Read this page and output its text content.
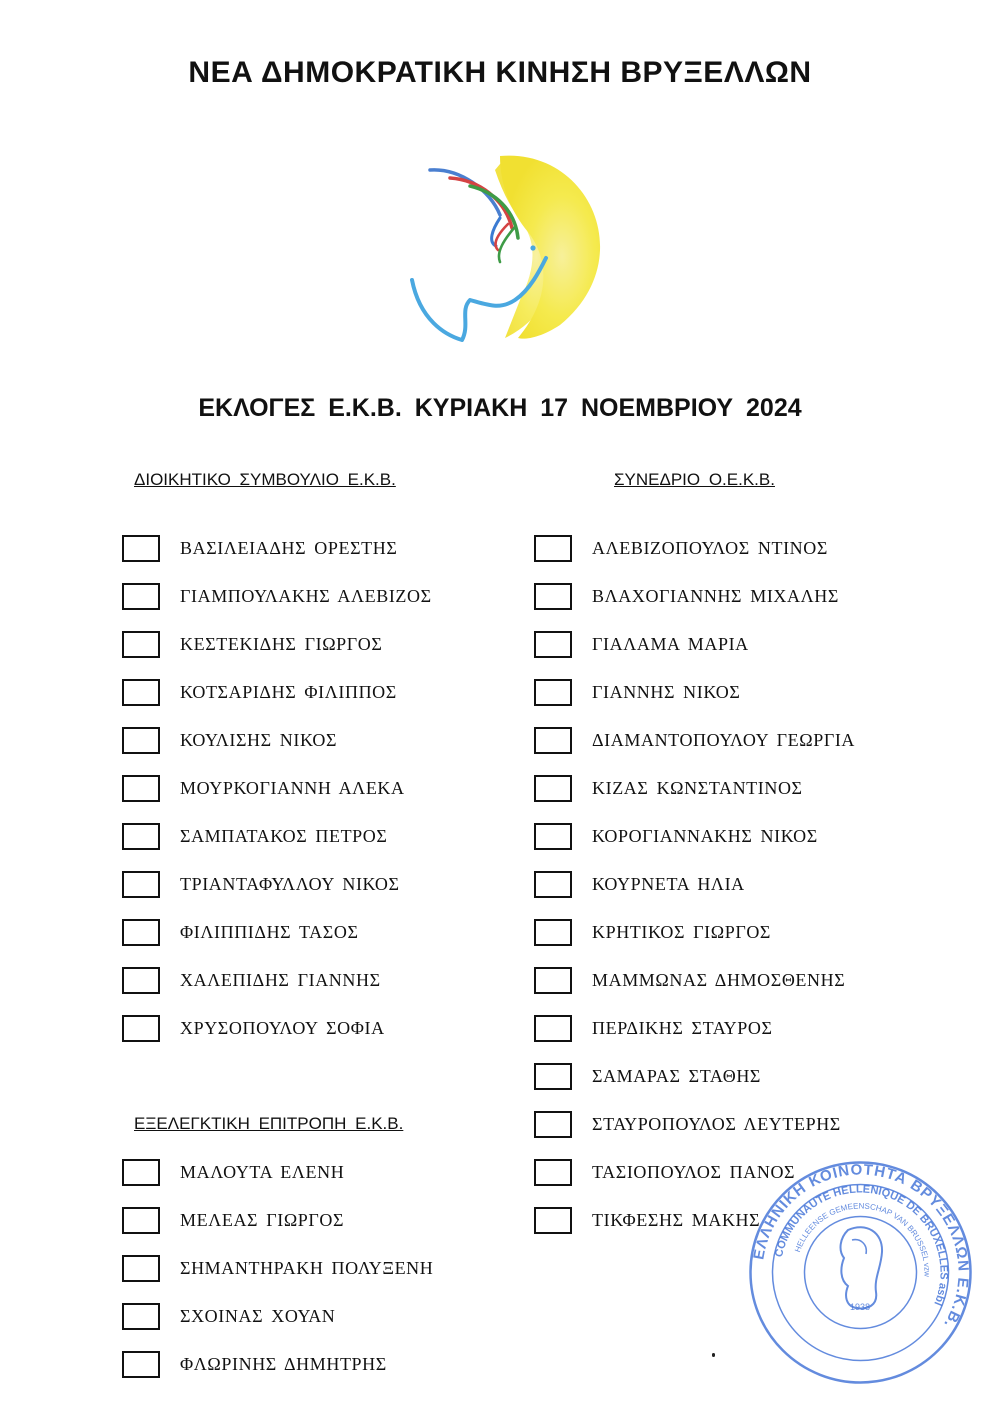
ΝΕΑ ΔΗΜΟΚΡΑΤΙΚΗ ΚΙΝΗΣΗ ΒΡΥΞΕΛΛΩΝ
ΕΚΛΟΓΕΣ Ε.Κ.Β. ΚΥΡΙΑΚΗ 17 ΝΟΕΜΒΡΙΟΥ 2024
ΔΙΟΙΚΗΤΙΚΟ ΣΥΜΒΟΥΛΙΟ Ε.Κ.Β.	ΣΥΝΕΔΡΙΟ Ο.Ε.Κ.Β.
ΕΞΕΛΕΓΚΤΙΚΗ ΕΠΙΤΡΟΠΗ Ε.Κ.Β.
ΒΑΣΙΛΕΙΑΔΗΣ ΟΡΕΣΤΗΣ
ΓΙΑΜΠΟΥΛΑΚΗΣ ΑΛΕΒΙΖΟΣ
ΚΕΣΤΕΚΙΔΗΣ ΓΙΩΡΓΟΣ
ΚΟΤΣΑΡΙΔΗΣ ΦΙΛΙΠΠΟΣ
ΚΟΥΛΙΣΗΣ ΝΙΚΟΣ
ΜΟΥΡΚΟΓΙΑΝΝΗ ΑΛΕΚΑ
ΣΑΜΠΑΤΑΚΟΣ ΠΕΤΡΟΣ
ΤΡΙΑΝΤΑΦΥΛΛΟΥ ΝΙΚΟΣ
ΦΙΛΙΠΠΙΔΗΣ ΤΑΣΟΣ
ΧΑΛΕΠΙΔΗΣ ΓΙΑΝΝΗΣ
ΧΡΥΣΟΠΟΥΛΟΥ ΣΟΦΙΑ
ΜΑΛΟΥΤΑ ΕΛΕΝΗ
ΜΕΛΕΑΣ ΓΙΩΡΓΟΣ
ΣΗΜΑΝΤΗΡΑΚΗ ΠΟΛΥΞΕΝΗ
ΣΧΟΙΝΑΣ ΧΟΥΑΝ
ΦΛΩΡΙΝΗΣ ΔΗΜΗΤΡΗΣ
ΑΛΕΒΙΖΟΠΟΥΛΟΣ ΝΤΙΝΟΣ
ΒΛΑΧΟΓΙΑΝΝΗΣ ΜΙΧΑΛΗΣ
ΓΙΑΛΑΜΑ ΜΑΡΙΑ
ΓΙΑΝΝΗΣ ΝΙΚΟΣ
ΔΙΑΜΑΝΤΟΠΟΥΛΟΥ ΓΕΩΡΓΙΑ
ΚΙΖΑΣ ΚΩΝΣΤΑΝΤΙΝΟΣ
ΚΟΡΟΓΙΑΝΝΑΚΗΣ ΝΙΚΟΣ
ΚΟΥΡΝΕΤΑ ΗΛΙΑ
ΚΡΗΤΙΚΟΣ ΓΙΩΡΓΟΣ
ΜΑΜΜΩΝΑΣ ΔΗΜΟΣΘΕΝΗΣ
ΠΕΡΔΙΚΗΣ ΣΤΑΥΡΟΣ
ΣΑΜΑΡΑΣ ΣΤΑΘΗΣ
ΣΤΑΥΡΟΠΟΥΛΟΣ ΛΕΥΤΕΡΗΣ
ΤΑΣΙΟΠΟΥΛΟΣ ΠΑΝΟΣ
ΤΙΚΦΕΣΗΣ ΜΑΚΗΣ
ΕΛΛΗΝΙΚΗ ΚΟΙΝΟΤΗΤΑ ΒΡΥΞΕΛΛΩΝ Ε.Κ.Β.
COMMUNAUTE HELLENIQUE DE BRUXELLES asbl
HELLEENSE GEMEENSCHAP VAN BRUSSEL vzw
1938
